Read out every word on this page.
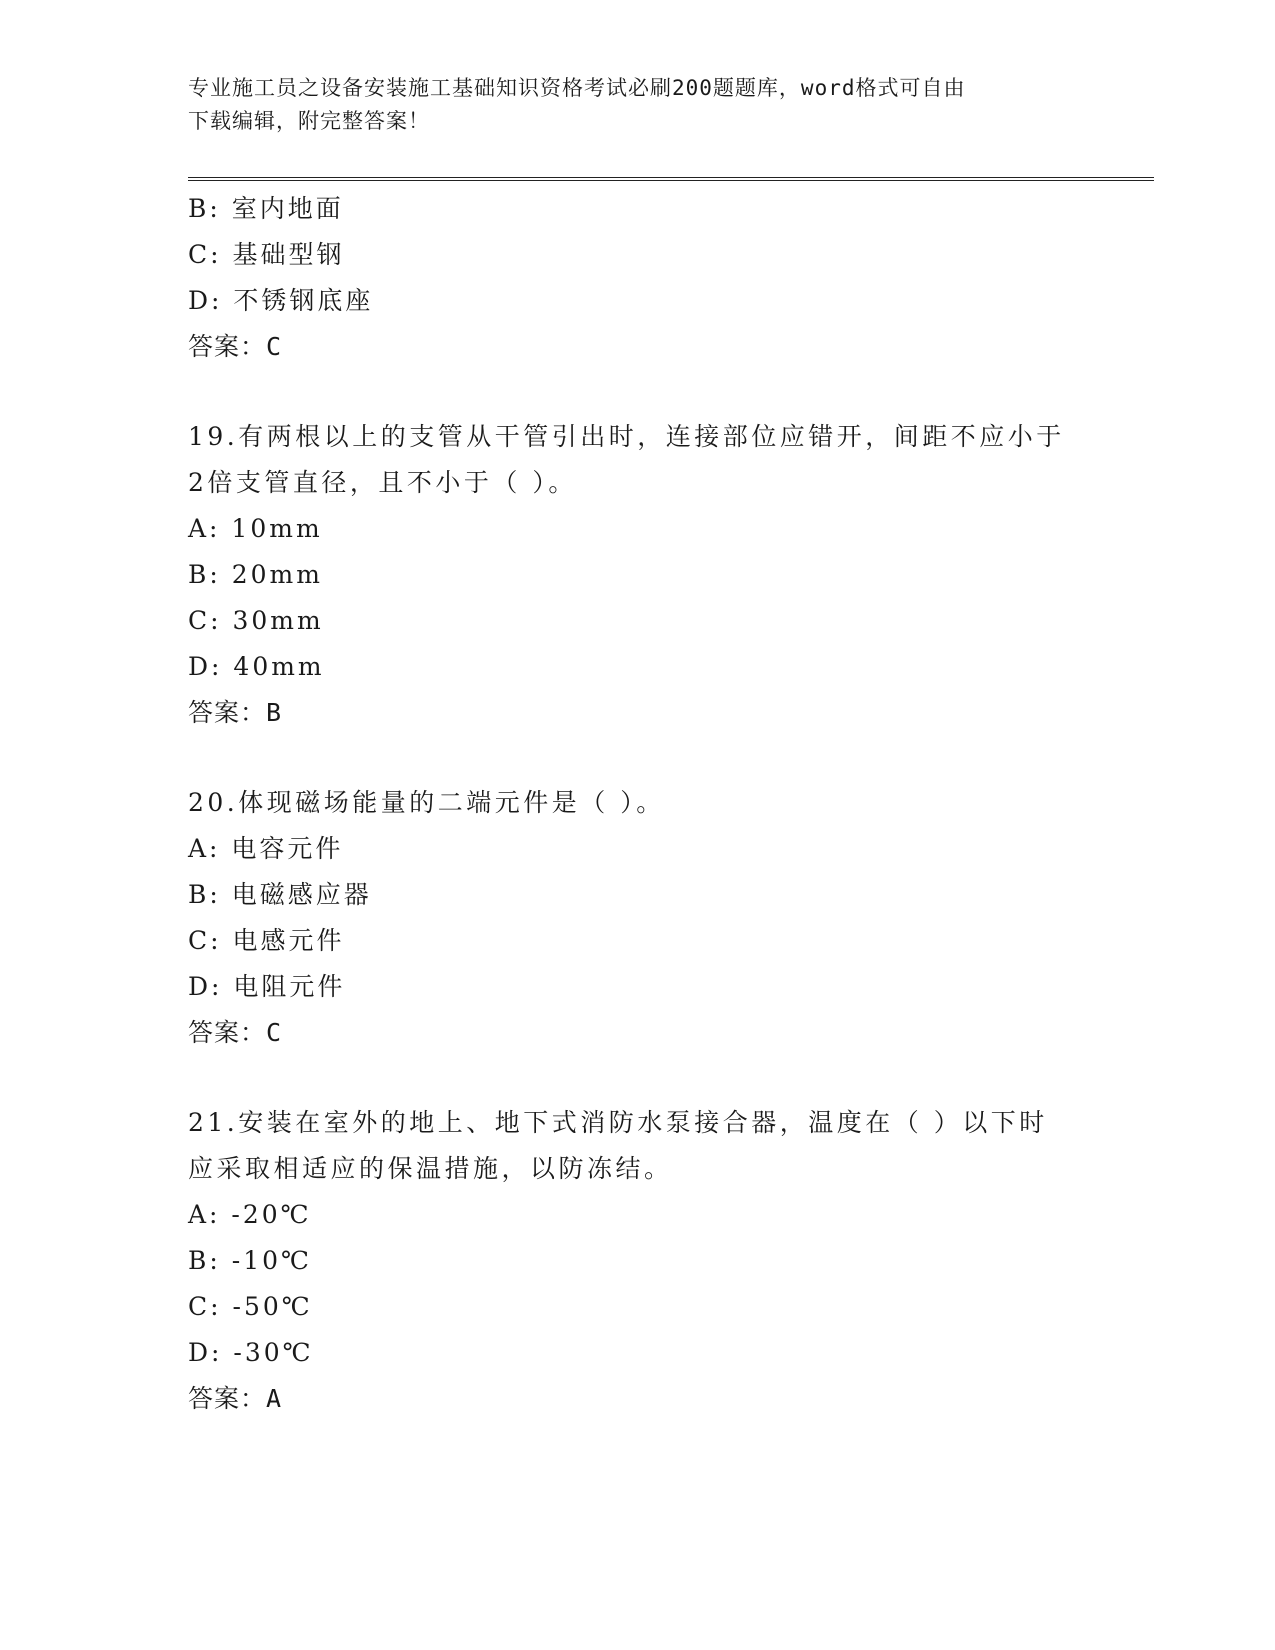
专业施工员之设备安装施工基础知识资格考试必刷200题题库，word格式可自由
下载编辑，附完整答案！
B: 室内地面
C: 基础型钢
D: 不锈钢底座
答案：C
19.有两根以上的支管从干管引出时，连接部位应错开，间距不应小于
2倍支管直径，且不小于（ ）。
A: 10mm
B: 20mm
C: 30mm
D: 40mm
答案：B
20.体现磁场能量的二端元件是（ ）。
A: 电容元件
B: 电磁感应器
C: 电感元件
D: 电阻元件
答案：C
21.安装在室外的地上、地下式消防水泵接合器，温度在（ ）以下时
应采取相适应的保温措施，以防冻结。
A: -20℃
B: -10℃
C: -50℃
D: -30℃
答案：A
